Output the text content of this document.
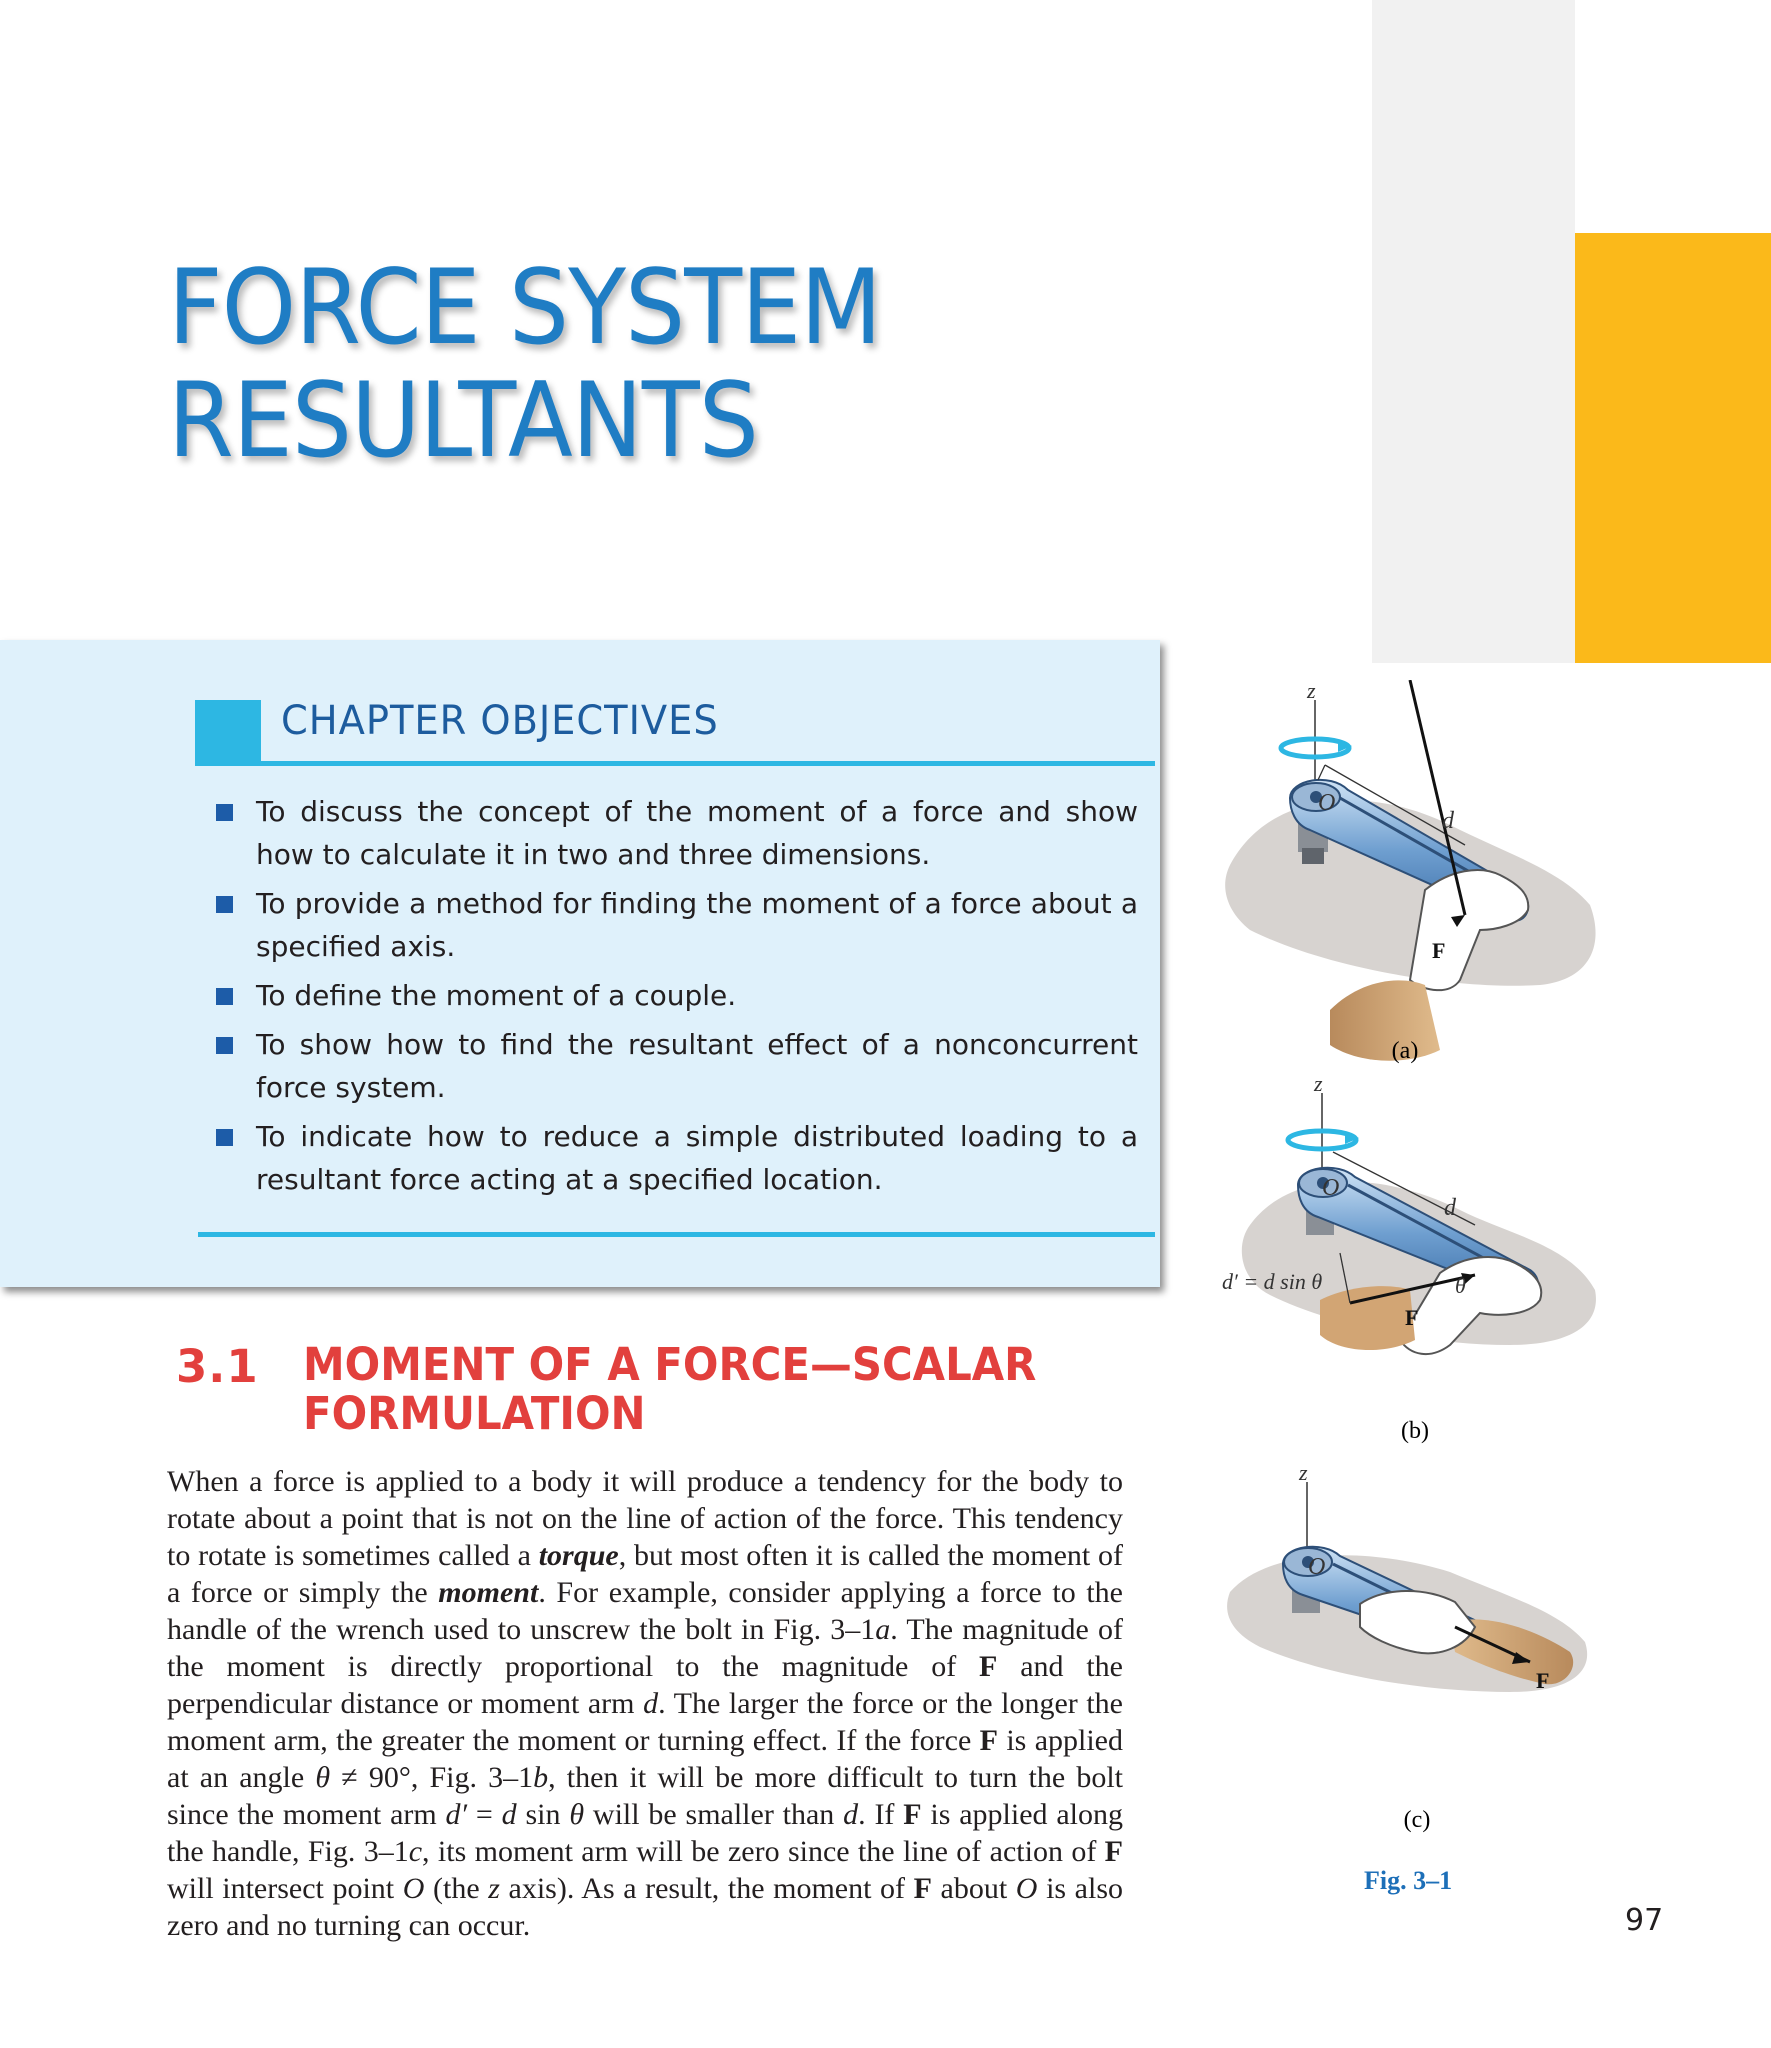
FORCE SYSTEM
RESULTANTS
CHAPTER OBJECTIVES
To discuss the concept of the moment of a force and show how to calculate it in two and three dimensions.
To provide a method for finding the moment of a force about a specified axis.
To define the moment of a couple.
To show how to find the resultant effect of a nonconcurrent force system.
To indicate how to reduce a simple distributed loading to a resultant force acting at a specified location.
3.1 MOMENT OF A FORCE—SCALAR
FORMULATION

When a force is applied to a body it will produce a tendency for the body to rotate about a point that is not on the line of action of the force. This tendency to rotate is sometimes called a torque, but most often it is called the moment of a force or simply the moment. For example, consider applying a force to the handle of the wrench used to unscrew the bolt in Fig. 3–1a. The magnitude of the moment is directly proportional to the magnitude of F and the perpendicular distance or moment arm d. The larger the force or the longer the moment arm, the greater the moment or turning effect. If the force F is applied at an angle θ ≠ 90°, Fig. 3–1b, then it will be more difficult to turn the bolt since the moment arm d′ = d sin θ will be smaller than d. If F is applied along the handle, Fig. 3–1c, its moment arm will be zero since the line of action of F will intersect point O (the z axis). As a result, the moment of F about O is also zero and no turning can occur.

O
z
d
F
(a)
O
z
d
θ
d′ = d sin θ
F
(b)
O
z
F
(c)
Fig. 3–1
97
